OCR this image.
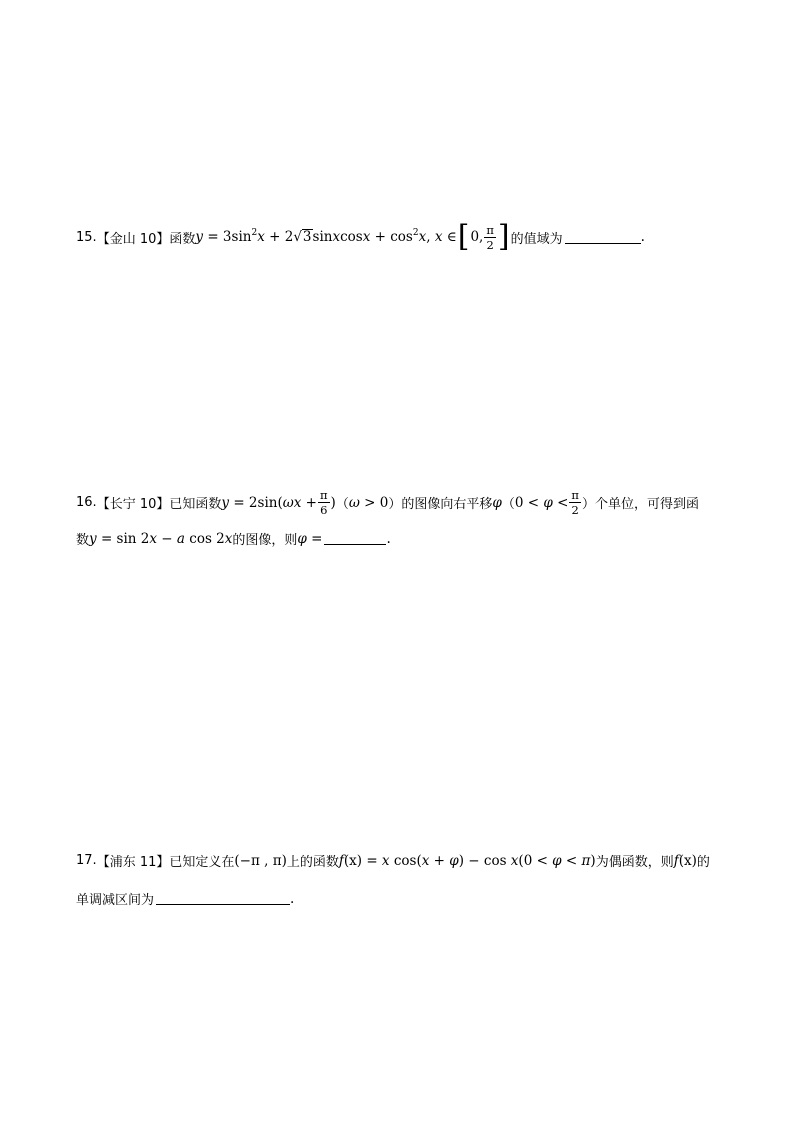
15. 【金山 10】 函数 $y = 3\sin^2x$ + 2√3sinxcosx + $\cos^2x$, x ∈ [ 0, $\frac{\pi}{2}$ ] 的值域为	.
16. 【长宁 10】 已知函数 $y = 2\sin(\omega x + \frac{\pi}{6}$ ) （ ω > 0 ） 的图像向右平移 φ （ $0 < \varphi < \frac{\pi}{2}$ ） 个单位，可得到函
数 y = sin 2x − a cos 2x 的图像，则 φ =	.
17. 【浦东 11】 已知定义在 (−π , π) 上的函数 f(x) = x cos(x + φ) − cos x(0 < φ < π) 为偶函数，则 f(x) 的
单调减区间为	.
